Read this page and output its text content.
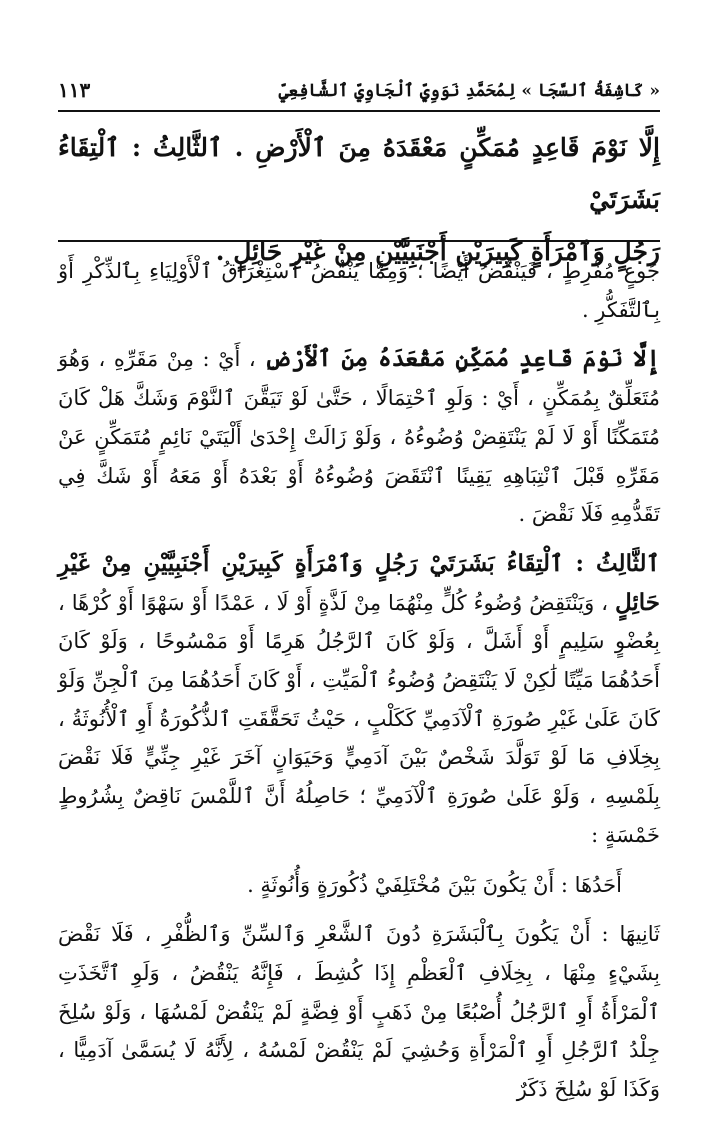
« كَاشِفَةُ ٱلسَّجَا » لِمُحَمَّدِ نَوَوِيٍّ ٱلْجَاوِيِّ ٱلشَّافِعِيِّ
١١٣

إِلَّا نَوْمَ قَاعِدٍ مُمَكِّنٍ مَعْقَدَهُ مِنَ ٱلْأَرْضِ . ٱلثَّالِثُ : ٱلْتِقَاءُ بَشَرَتَيْ

رَجُلٍ وَٱمْرَأَةٍ كَبِيرَيْنِ أَجْنَبِيَّيْنِ مِنْ غَيْرِ حَائِلٍ .

جُوعٍ مُفْرِطٍ ، فَيَنْقُضُ أَيْضًا ؛ وَمِمَّا يَنْقُضُ ٱسْتِغْرَاقُ ٱلْأَوْلِيَاءِ بِٱلذِّكْرِ أَوْ بِٱلتَّفَكُّرِ .

إِلَّا نَوْمَ قَاعِدٍ مُمَكِّنٍ مَقْعَدَهُ مِنَ ٱلْأَرْضِ ، أَيْ : مِنْ مَقَرِّهِ ، وَهُوَ مُتَعَلِّقٌ بِمُمَكِّنٍ ، أَيْ : وَلَوِ ٱحْتِمَالًا ، حَتَّىٰ لَوْ تَيَقَّنَ ٱلنَّوْمَ وَشَكَّ هَلْ كَانَ مُتَمَكِّنًا أَوْ لَا لَمْ يَنْتَقِضْ وُضُوءُهُ ، وَلَوْ زَالَتْ إِحْدَىٰ أَلْيَتَيْ نَائِمٍ مُتَمَكِّنٍ عَنْ مَقَرِّهِ قَبْلَ ٱنْتِبَاهِهِ يَقِينًا ٱنْتَقَضَ وُضُوءُهُ أَوْ بَعْدَهُ أَوْ مَعَهُ أَوْ شَكَّ فِي تَقَدُّمِهِ فَلَا نَقْضَ .

ٱلثَّالِثُ : ٱلْتِقَاءُ بَشَرَتَيْ رَجُلٍ وَٱمْرَأَةٍ كَبِيرَيْنِ أَجْنَبِيَّيْنِ مِنْ غَيْرِ حَائِلٍ ، وَيَنْتَقِضُ وُضُوءُ كُلٍّ مِنْهُمَا مِنْ لَذَّةٍ أَوْ لَا ، عَمْدًا أَوْ سَهْوًا أَوْ كُرْهًا ، بِعُضْوٍ سَلِيمٍ أَوْ أَشَلَّ ، وَلَوْ كَانَ ٱلرَّجُلُ هَرِمًا أَوْ مَمْسُوحًا ، وَلَوْ كَانَ أَحَدُهُمَا مَيِّتًا لَٰكِنْ لَا يَنْتَقِضُ وُضُوءُ ٱلْمَيِّتِ ، أَوْ كَانَ أَحَدُهُمَا مِنَ ٱلْجِنِّ وَلَوْ كَانَ عَلَىٰ غَيْرِ صُورَةِ ٱلْآدَمِيِّ كَكَلْبٍ ، حَيْثُ تَحَقَّقَتِ ٱلذُّكُورَةُ أَوِ ٱلْأُنُوثَةُ ، بِخِلَافِ مَا لَوْ تَوَلَّدَ شَخْصٌ بَيْنَ آدَمِيٍّ وَحَيَوَانٍ آخَرَ غَيْرِ جِنِّيٍّ فَلَا نَقْضَ بِلَمْسِهِ ، وَلَوْ عَلَىٰ صُورَةِ ٱلْآدَمِيِّ ؛ حَاصِلُهُ أَنَّ ٱللَّمْسَ نَاقِضٌ بِشُرُوطٍ خَمْسَةٍ :

أَحَدُهَا : أَنْ يَكُونَ بَيْنَ مُخْتَلِفَيْ ذُكُورَةٍ وَأُنُوثَةٍ .

ثَانِيهَا : أَنْ يَكُونَ بِٱلْبَشَرَةِ دُونَ ٱلشَّعْرِ وَٱلسِّنِّ وَٱلظُّفْرِ ، فَلَا نَقْضَ بِشَيْءٍ مِنْهَا ، بِخِلَافِ ٱلْعَظْمِ إِذَا كُشِطَ ، فَإِنَّهُ يَنْقُضُ ، وَلَوِ ٱتَّخَذَتِ ٱلْمَرْأَةُ أَوِ ٱلرَّجُلُ أُصْبُعًا مِنْ ذَهَبٍ أَوْ فِضَّةٍ لَمْ يَنْقُضْ لَمْسُهَا ، وَلَوْ سُلِخَ جِلْدُ ٱلرَّجُلِ أَوِ ٱلْمَرْأَةِ وَحُشِيَ لَمْ يَنْقُضْ لَمْسُهُ ، لِأَنَّهُ لَا يُسَمَّىٰ آدَمِيًّا ، وَكَذَا لَوْ سُلِخَ ذَكَرٌ
